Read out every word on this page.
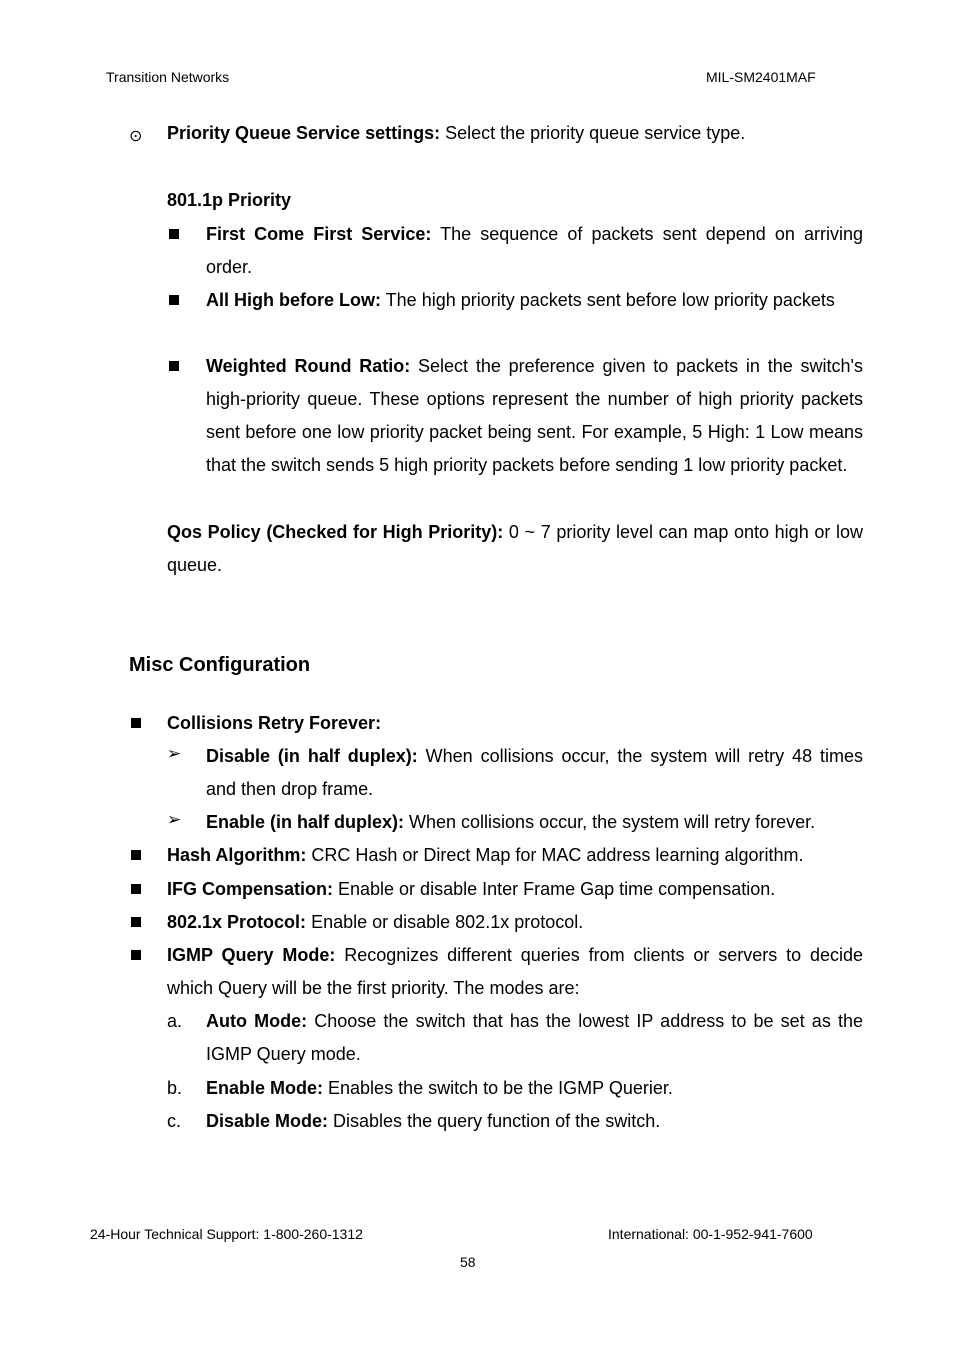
Transition Networks	MIL-SM2401MAF
⊙ Priority Queue Service settings: Select the priority queue service type.
801.1p Priority
First Come First Service: The sequence of packets sent depend on arriving order.
All High before Low: The high priority packets sent before low priority packets
Weighted Round Ratio: Select the preference given to packets in the switch's high-priority queue. These options represent the number of high priority packets sent before one low priority packet being sent. For example, 5 High: 1 Low means that the switch sends 5 high priority packets before sending 1 low priority packet.
Qos Policy (Checked for High Priority): 0 ~ 7 priority level can map onto high or low queue.
Misc Configuration
Collisions Retry Forever:
➢ Disable (in half duplex): When collisions occur, the system will retry 48 times and then drop frame.
➢ Enable (in half duplex): When collisions occur, the system will retry forever.
Hash Algorithm: CRC Hash or Direct Map for MAC address learning algorithm.
IFG Compensation: Enable or disable Inter Frame Gap time compensation.
802.1x Protocol: Enable or disable 802.1x protocol.
IGMP Query Mode: Recognizes different queries from clients or servers to decide which Query will be the first priority. The modes are:
a. Auto Mode: Choose the switch that has the lowest IP address to be set as the IGMP Query mode.
b. Enable Mode: Enables the switch to be the IGMP Querier.
c. Disable Mode: Disables the query function of the switch.
24-Hour Technical Support: 1-800-260-1312	International: 00-1-952-941-7600
58
